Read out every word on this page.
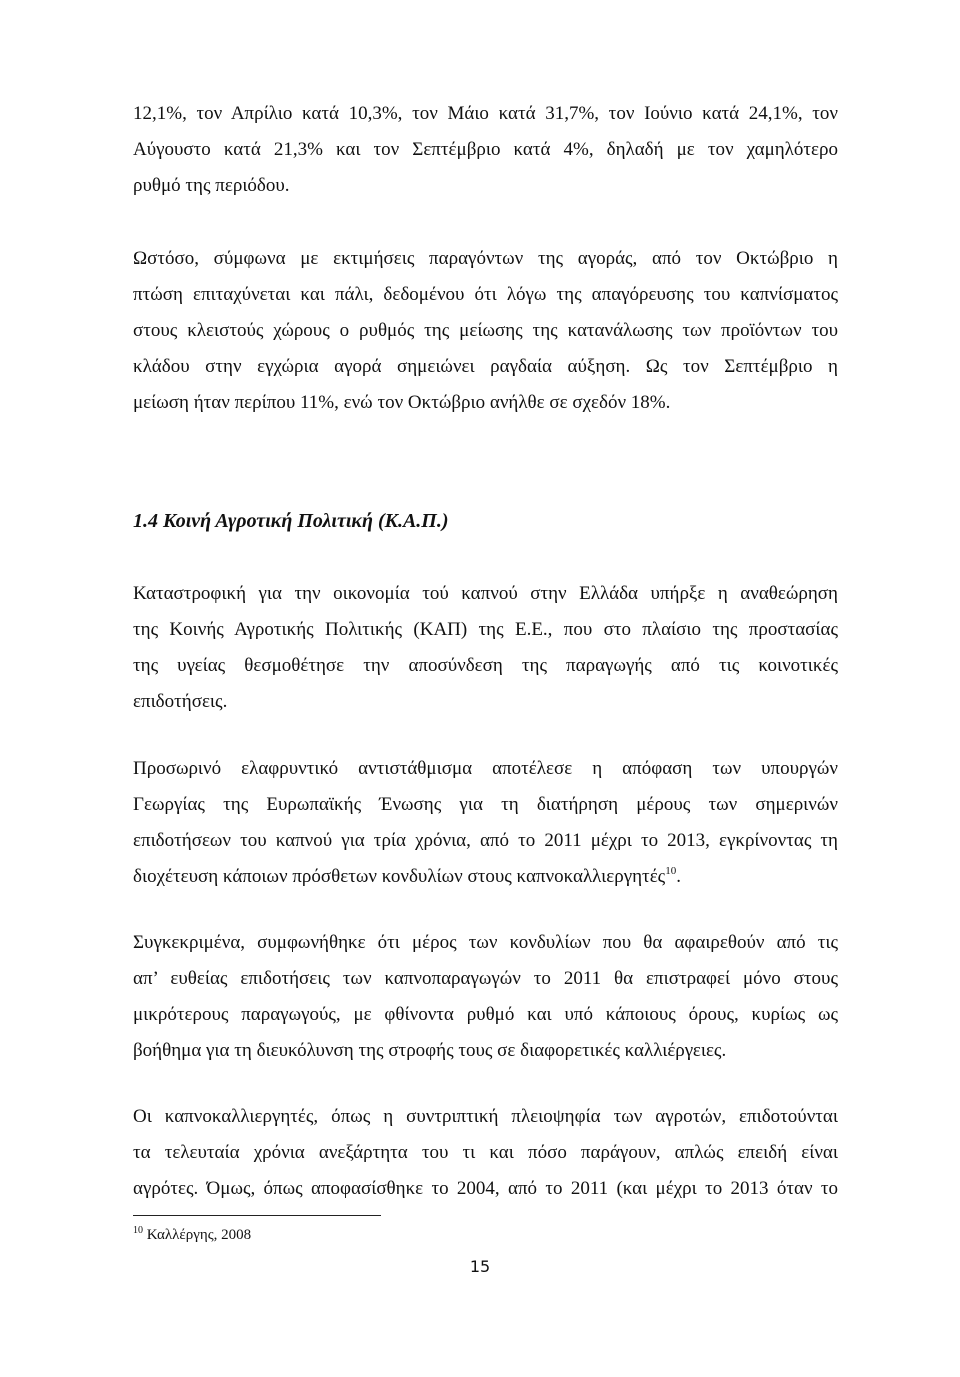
12,1%, τον Απρίλιο κατά 10,3%, τον Μάιο κατά 31,7%, τον Ιούνιο κατά 24,1%, τον
Αύγουστο κατά 21,3% και τον Σεπτέμβριο κατά 4%, δηλαδή με τον χαμηλότερο
ρυθμό της περιόδου.

Ωστόσο, σύμφωνα με εκτιμήσεις παραγόντων της αγοράς, από τον Οκτώβριο η
πτώση επιταχύνεται και πάλι, δεδομένου ότι λόγω της απαγόρευσης του καπνίσματος
στους κλειστούς χώρους ο ρυθμός της μείωσης της κατανάλωσης των προϊόντων του
κλάδου στην εγχώρια αγορά σημειώνει ραγδαία αύξηση. Ως τον Σεπτέμβριο η
μείωση ήταν περίπου 11%, ενώ τον Οκτώβριο ανήλθε σε σχεδόν 18%.

1.4 Κοινή Αγροτική Πολιτική (Κ.Α.Π.)

Καταστροφική για την οικονομία τού καπνού στην Ελλάδα υπήρξε η αναθεώρηση
της Κοινής Αγροτικής Πολιτικής (ΚΑΠ) της Ε.Ε., που στο πλαίσιο της προστασίας
της υγείας θεσμοθέτησε την αποσύνδεση της παραγωγής από τις κοινοτικές
επιδοτήσεις.

Προσωρινό ελαφρυντικό αντιστάθμισμα αποτέλεσε η απόφαση των υπουργών
Γεωργίας της Ευρωπαϊκής Ένωσης για τη διατήρηση μέρους των σημερινών
επιδοτήσεων του καπνού για τρία χρόνια, από το 2011 μέχρι το 2013, εγκρίνοντας τη
διοχέτευση κάποιων πρόσθετων κονδυλίων στους καπνοκαλλιεργητές$^{10}$.

Συγκεκριμένα, συμφωνήθηκε ότι μέρος των κονδυλίων που θα αφαιρεθούν από τις
απ’ ευθείας επιδοτήσεις των καπνοπαραγωγών το 2011 θα επιστραφεί μόνο στους
μικρότερους παραγωγούς, με φθίνοντα ρυθμό και υπό κάποιους όρους, κυρίως ως
βοήθημα για τη διευκόλυνση της στροφής τους σε διαφορετικές καλλιέργειες.

Οι καπνοκαλλιεργητές, όπως η συντριπτική πλειοψηφία των αγροτών, επιδοτούνται
τα τελευταία χρόνια ανεξάρτητα του τι και πόσο παράγουν, απλώς επειδή είναι
αγρότες. Όμως, όπως αποφασίσθηκε το 2004, από το 2011 (και μέχρι το 2013 όταν το

$^{10}$ Καλλέργης, 2008

15
